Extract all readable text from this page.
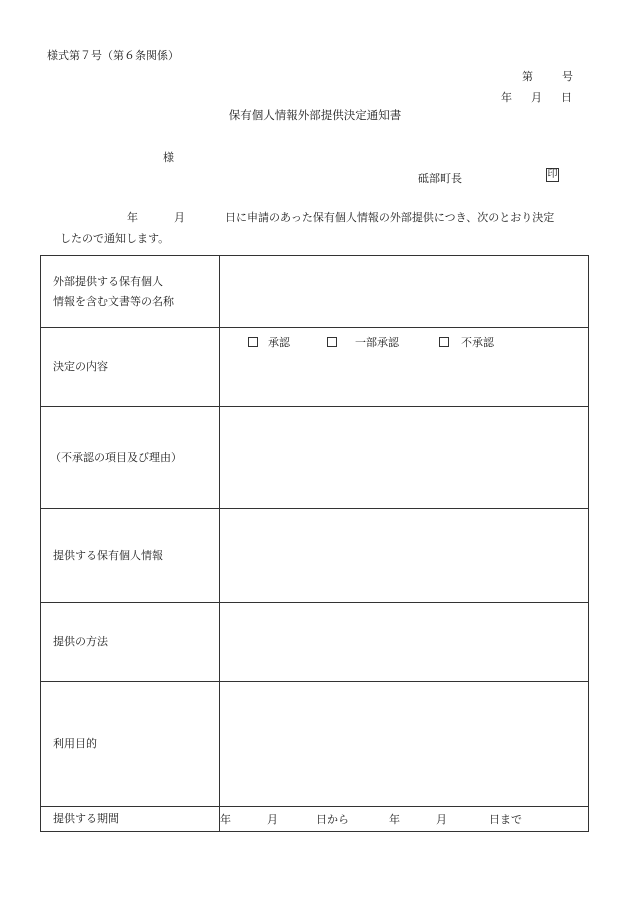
様式第７号（第６条関係）
第	号
年 月 日
保有個人情報外部提供決定通知書
様
砥部町長	印
年	月	日に申請のあった保有個人情報の外部提供につき、次のとおり決定
したので通知します。
外部提供する保有個人
情報を含む文書等の名称	

決定の内容	承認 一部承認 不承認

（不承認の項目及び理由）	
提供する保有個人情報	
提供の方法	
利用目的	
提供する期間	年 月 日から 年 月 日まで
